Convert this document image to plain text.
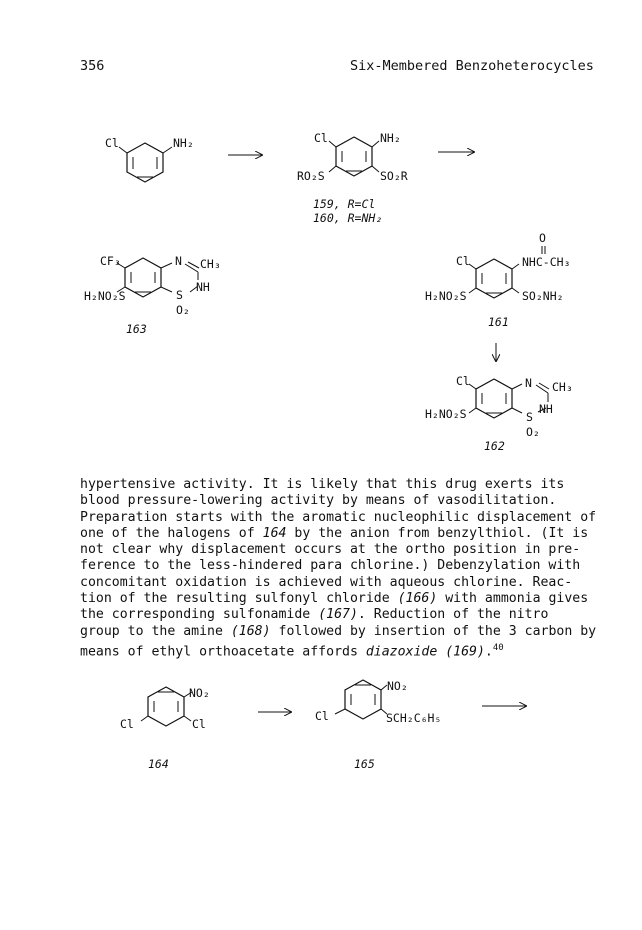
356	Six-Membered Benzoheterocycles
Cl	NH₂	Cl	NH₂
RO₂S	SO₂R
159, R=Cl
160, R=NH₂
CF₃	N CH₃
NH
S
O₂
H₂NO₂S
163
O
Cl	NHC-CH₃
H₂NO₂S	SO₂NH₂
161
Cl	N CH₃
NH
S
O₂
H₂NO₂S
162
NO₂
Cl	Cl
164
NO₂
Cl	SCH₂C₆H₅
165

hypertensive activity. It is likely that this drug exerts its

blood pressure-lowering activity by means of vasodilitation.

Preparation starts with the aromatic nucleophilic displacement of

one of the halogens of 164 by the anion from benzylthiol. (It is

not clear why displacement occurs at the ortho position in pre-

ference to the less-hindered para chlorine.) Debenzylation with

concomitant oxidation is achieved with aqueous chlorine. Reac-

tion of the resulting sulfonyl chloride (166) with ammonia gives

the corresponding sulfonamide (167). Reduction of the nitro

group to the amine (168) followed by insertion of the 3 carbon by

means of ethyl orthoacetate affords diazoxide (169).$^{40}$
